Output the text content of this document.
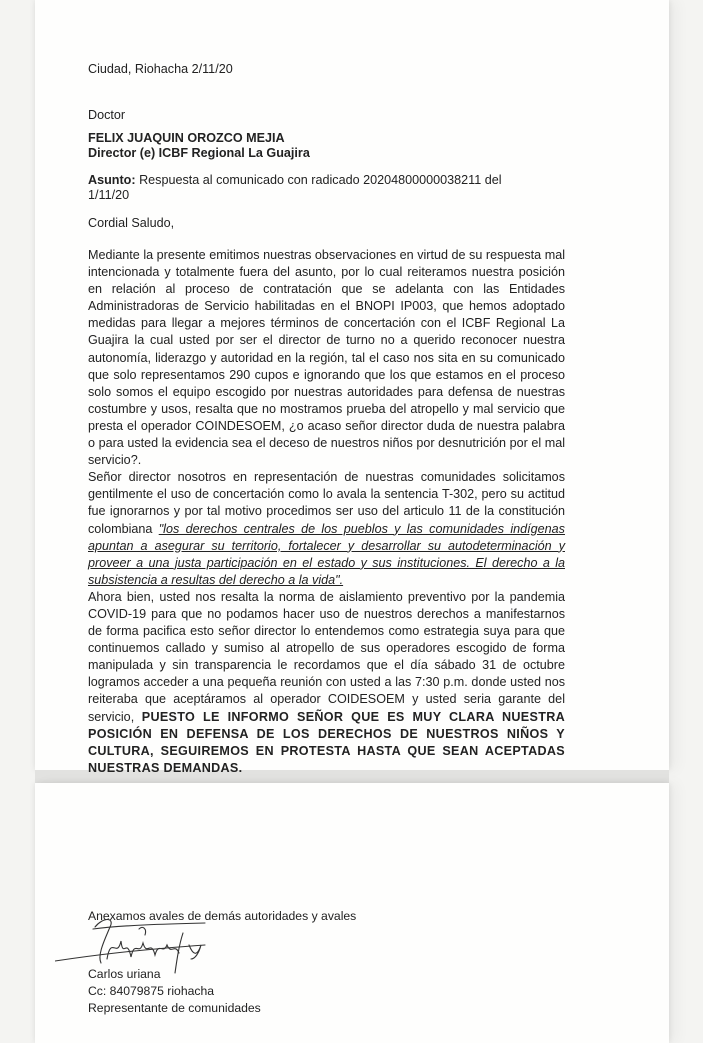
Ciudad, Riohacha 2/11/20
Doctor
FELIX JUAQUIN OROZCO MEJIA
Director (e) ICBF Regional La Guajira
Asunto: Respuesta al comunicado con radicado 20204800000038211 del
1/11/20
Cordial Saludo,

Mediante la presente emitimos nuestras observaciones en virtud de su respuesta mal intencionada y totalmente fuera del asunto, por lo cual reiteramos nuestra posición en relación al proceso de contratación que se adelanta con las Entidades Administradoras de Servicio habilitadas en el BNOPI IP003, que hemos adoptado medidas para llegar a mejores términos de concertación con el ICBF Regional La Guajira la cual usted por ser el director de turno no a querido reconocer nuestra autonomía, liderazgo y autoridad en la región, tal el caso nos sita en su comunicado que solo representamos 290 cupos e ignorando que los que estamos en el proceso solo somos el equipo escogido por nuestras autoridades para defensa de nuestras costumbre y usos, resalta que no mostramos prueba del atropello y mal servicio que presta el operador COINDESOEM, ¿o acaso señor director duda de nuestra palabra o para usted la evidencia sea el deceso de nuestros niños por desnutrición por el mal servicio?.

Señor director nosotros en representación de nuestras comunidades solicitamos gentilmente el uso de concertación como lo avala la sentencia T-302, pero su actitud fue ignorarnos y por tal motivo procedimos ser uso del articulo 11 de la constitución colombiana "los derechos centrales de los pueblos y las comunidades indígenas apuntan a asegurar su territorio, fortalecer y desarrollar su autodeterminación y proveer a una justa participación en el estado y sus instituciones. El derecho a la subsistencia a resultas del derecho a la vida".

Ahora bien, usted nos resalta la norma de aislamiento preventivo por la pandemia COVID-19 para que no podamos hacer uso de nuestros derechos a manifestarnos de forma pacifica esto señor director lo entendemos como estrategia suya para que continuemos callado y sumiso al atropello de sus operadores escogido de forma manipulada y sin transparencia le recordamos que el día sábado 31 de octubre logramos acceder a una pequeña reunión con usted a las 7:30 p.m. donde usted nos reiteraba que aceptáramos al operador COIDESOEM y usted seria garante del servicio, PUESTO LE INFORMO SEÑOR QUE ES MUY CLARA NUESTRA POSICIÓN EN DEFENSA DE LOS DERECHOS DE NUESTROS NIÑOS Y CULTURA, SEGUIREMOS EN PROTESTA HASTA QUE SEAN ACEPTADAS NUESTRAS DEMANDAS.

Anexamos avales de demás autoridades y avales
Carlos uriana
Cc: 84079875 riohacha
Representante de comunidades
